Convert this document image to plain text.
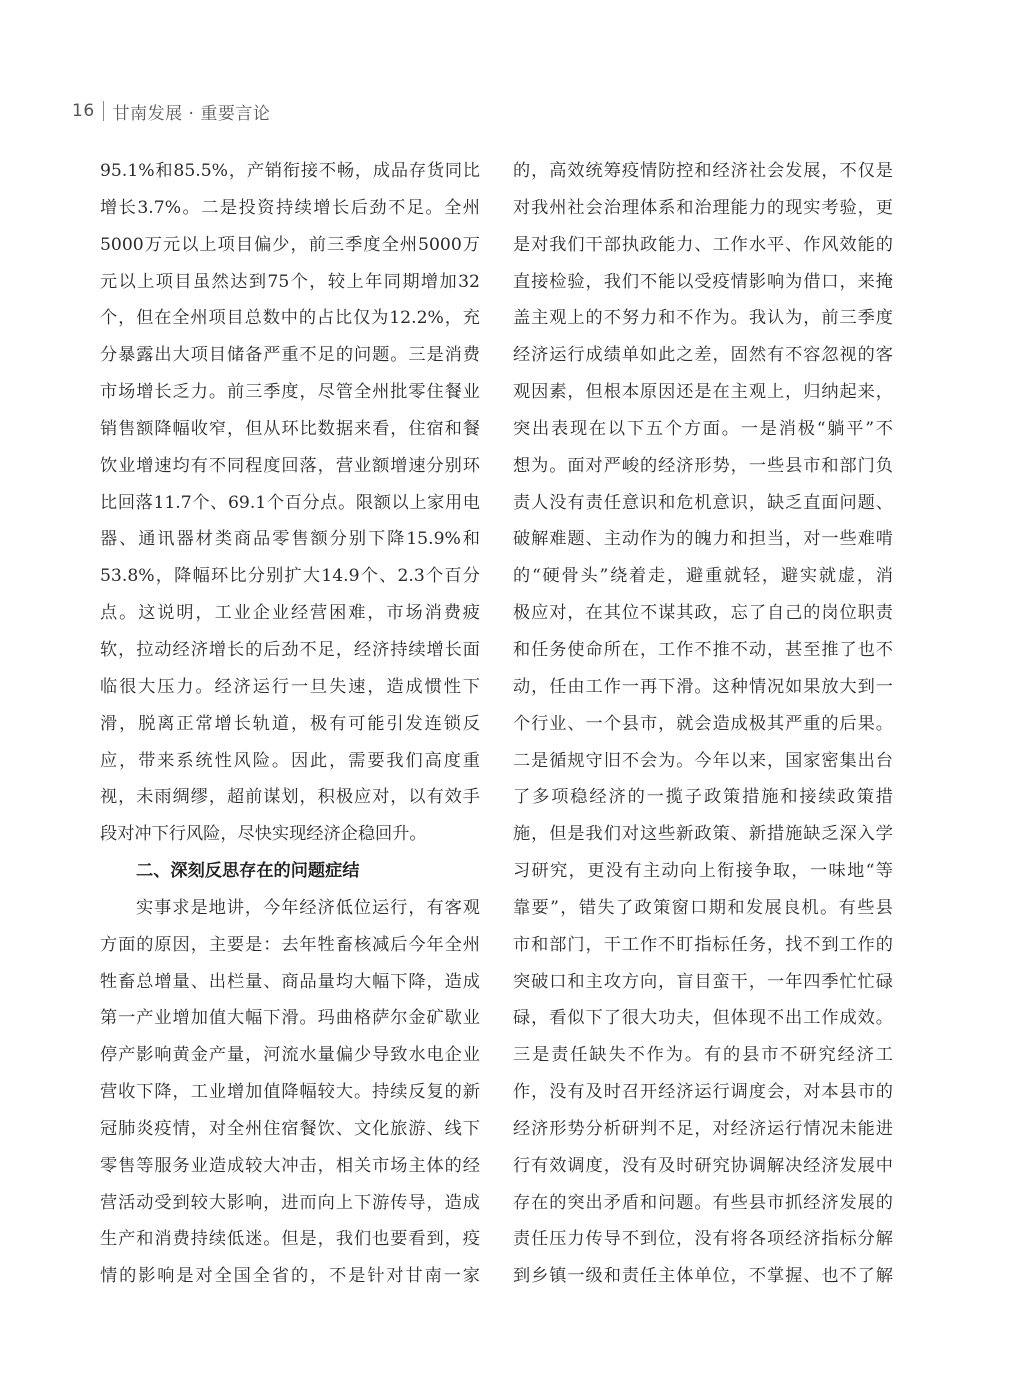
16 甘南发展 · 重要言论
95.1%和85.5%，产销衔接不畅，成品存货同比
增长3.7%。二是投资持续增长后劲不足。全州
5000万元以上项目偏少，前三季度全州5000万
元以上项目虽然达到75个，较上年同期增加32
个，但在全州项目总数中的占比仅为12.2%，充
分暴露出大项目储备严重不足的问题。三是消费
市场增长乏力。前三季度，尽管全州批零住餐业
销售额降幅收窄，但从环比数据来看，住宿和餐
饮业增速均有不同程度回落，营业额增速分别环
比回落11.7个、69.1个百分点。限额以上家用电
器、通讯器材类商品零售额分别下降15.9%和
53.8%，降幅环比分别扩大14.9个、2.3个百分
点。这说明，工业企业经营困难，市场消费疲
软，拉动经济增长的后劲不足，经济持续增长面
临很大压力。经济运行一旦失速，造成惯性下
滑，脱离正常增长轨道，极有可能引发连锁反
应，带来系统性风险。因此，需要我们高度重
视，未雨绸缪，超前谋划，积极应对，以有效手
段对冲下行风险，尽快实现经济企稳回升。
二、深刻反思存在的问题症结
实事求是地讲，今年经济低位运行，有客观
方面的原因，主要是：去年牲畜核减后今年全州
牲畜总增量、出栏量、商品量均大幅下降，造成
第一产业增加值大幅下滑。玛曲格萨尔金矿歇业
停产影响黄金产量，河流水量偏少导致水电企业
营收下降，工业增加值降幅较大。持续反复的新
冠肺炎疫情，对全州住宿餐饮、文化旅游、线下
零售等服务业造成较大冲击，相关市场主体的经
营活动受到较大影响，进而向上下游传导，造成
生产和消费持续低迷。但是，我们也要看到，疫
情的影响是对全国全省的，不是针对甘南一家
的，高效统筹疫情防控和经济社会发展，不仅是
对我州社会治理体系和治理能力的现实考验，更
是对我们干部执政能力、工作水平、作风效能的
直接检验，我们不能以受疫情影响为借口，来掩
盖主观上的不努力和不作为。我认为，前三季度
经济运行成绩单如此之差，固然有不容忽视的客
观因素，但根本原因还是在主观上，归纳起来，
突出表现在以下五个方面。一是消极“躺平”不
想为。面对严峻的经济形势，一些县市和部门负
责人没有责任意识和危机意识，缺乏直面问题、
破解难题、主动作为的魄力和担当，对一些难啃
的“硬骨头”绕着走，避重就轻，避实就虚，消
极应对，在其位不谋其政，忘了自己的岗位职责
和任务使命所在，工作不推不动，甚至推了也不
动，任由工作一再下滑。这种情况如果放大到一
个行业、一个县市，就会造成极其严重的后果。
二是循规守旧不会为。今年以来，国家密集出台
了多项稳经济的一揽子政策措施和接续政策措
施，但是我们对这些新政策、新措施缺乏深入学
习研究，更没有主动向上衔接争取，一味地“等
靠要”，错失了政策窗口期和发展良机。有些县
市和部门，干工作不盯指标任务，找不到工作的
突破口和主攻方向，盲目蛮干，一年四季忙忙碌
碌，看似下了很大功夫，但体现不出工作成效。
三是责任缺失不作为。有的县市不研究经济工
作，没有及时召开经济运行调度会，对本县市的
经济形势分析研判不足，对经济运行情况未能进
行有效调度，没有及时研究协调解决经济发展中
存在的突出矛盾和问题。有些县市抓经济发展的
责任压力传导不到位，没有将各项经济指标分解
到乡镇一级和责任主体单位，不掌握、也不了解
